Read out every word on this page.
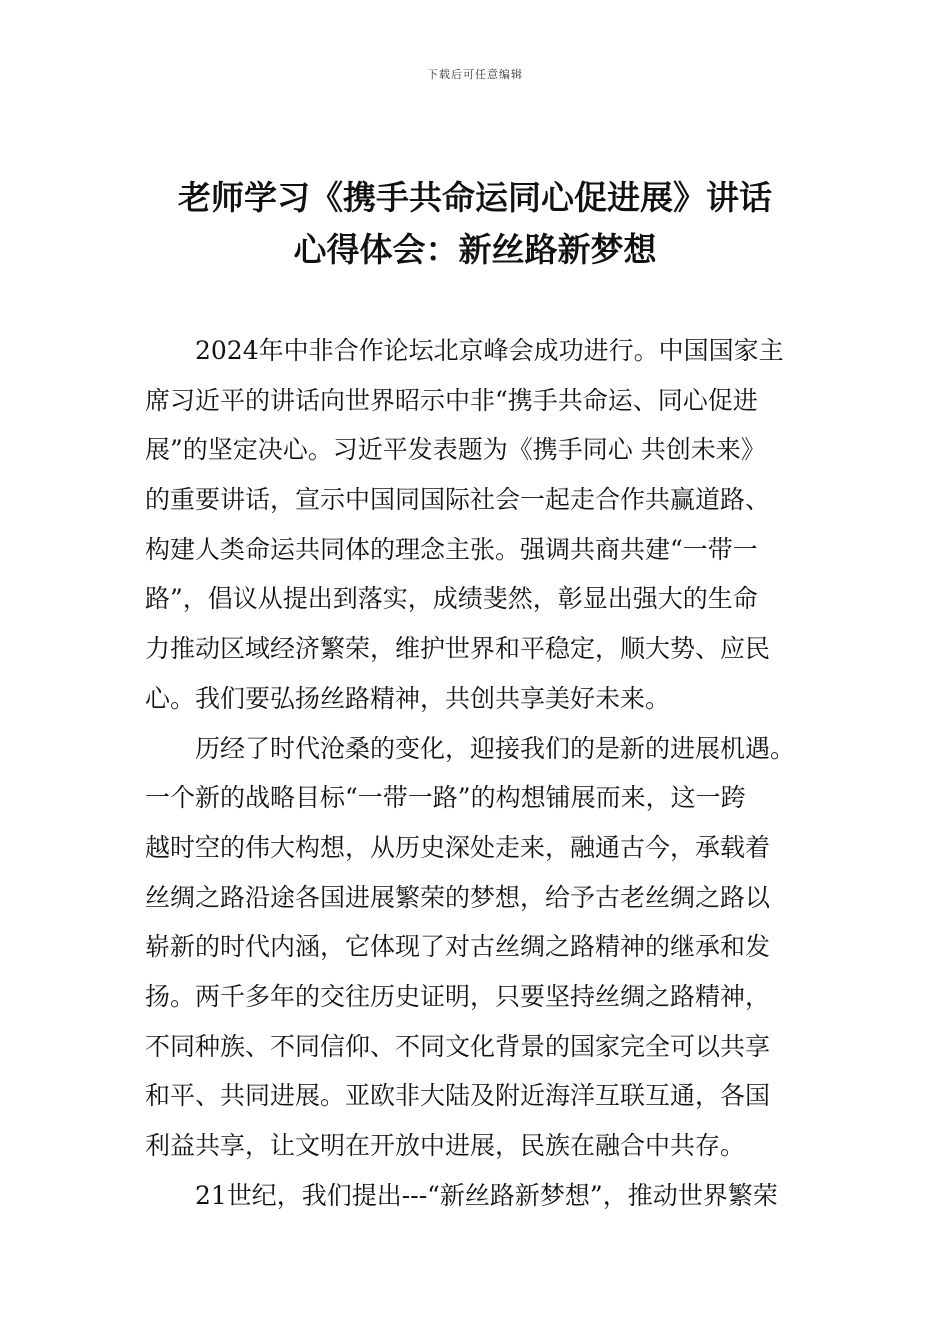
下载后可任意编辑
老师学习《携手共命运同心促进展》讲话
心得体会：新丝路新梦想
2024年中非合作论坛北京峰会成功进行。中国国家主
席习近平的讲话向世界昭示中非“携手共命运、同心促进
展”的坚定决心。习近平发表题为《携手同心 共创未来》
的重要讲话，宣示中国同国际社会一起走合作共赢道路、
构建人类命运共同体的理念主张。强调共商共建“一带一
路”，倡议从提出到落实，成绩斐然，彰显出强大的生命
力推动区域经济繁荣，维护世界和平稳定，顺大势、应民
心。我们要弘扬丝路精神，共创共享美好未来。
历经了时代沧桑的变化，迎接我们的是新的进展机遇。
一个新的战略目标“一带一路”的构想铺展而来，这一跨
越时空的伟大构想，从历史深处走来，融通古今，承载着
丝绸之路沿途各国进展繁荣的梦想，给予古老丝绸之路以
崭新的时代内涵，它体现了对古丝绸之路精神的继承和发
扬。两千多年的交往历史证明，只要坚持丝绸之路精神，
不同种族、不同信仰、不同文化背景的国家完全可以共享
和平、共同进展。亚欧非大陆及附近海洋互联互通，各国
利益共享，让文明在开放中进展，民族在融合中共存。
21世纪，我们提出---“新丝路新梦想”，推动世界繁荣
